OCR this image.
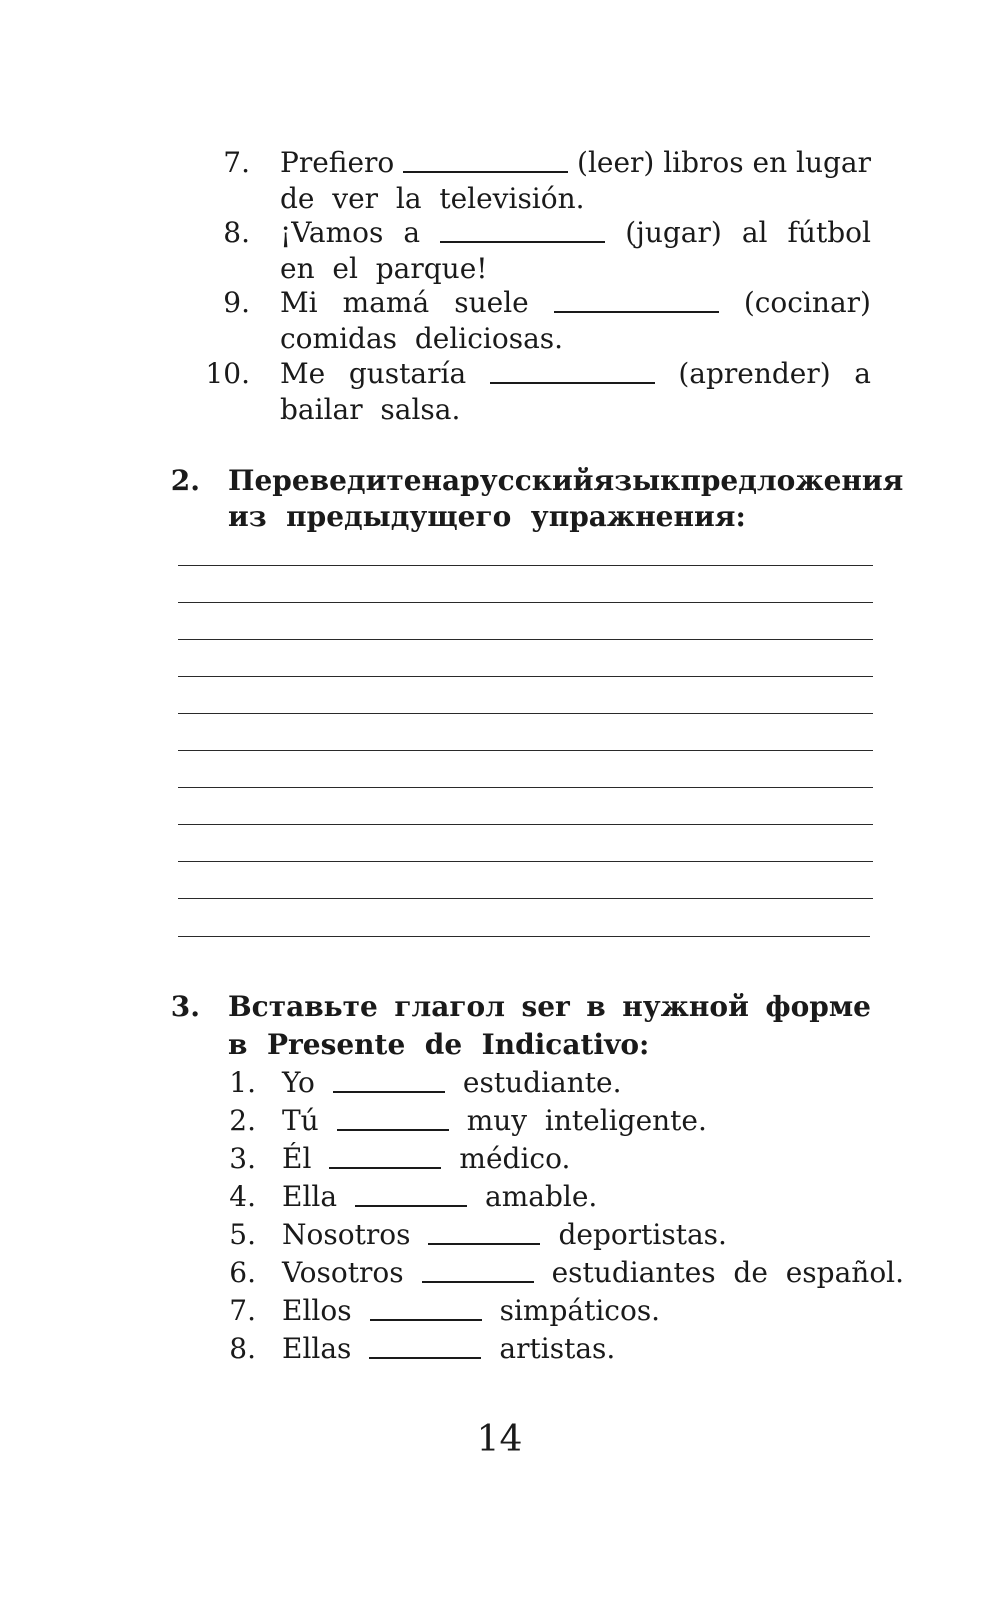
7. Prefiero	(leer) libros en lugar
de  ver  la  televisión.
8. ¡Vamos a	(jugar) al fútbol
en  el  parque!
9. Mi mamá suele	(cocinar)
comidas  deliciosas.
10. Me gustaría	(aprender) a
bailar  salsa.
2. Переведите на русский язык предложения
из  предыдущего  упражнения:
3. Вставьте глагол ser в нужной форме
в  Presente  de  Indicativo:
1. Yo	estudiante.
2. Tú	muy  inteligente.
3. Él	médico.
4. Ella	amable.
5. Nosotros	deportistas.
6. Vosotros	estudiantes  de  español.
7. Ellos	simpáticos.
8. Ellas	artistas.
14
